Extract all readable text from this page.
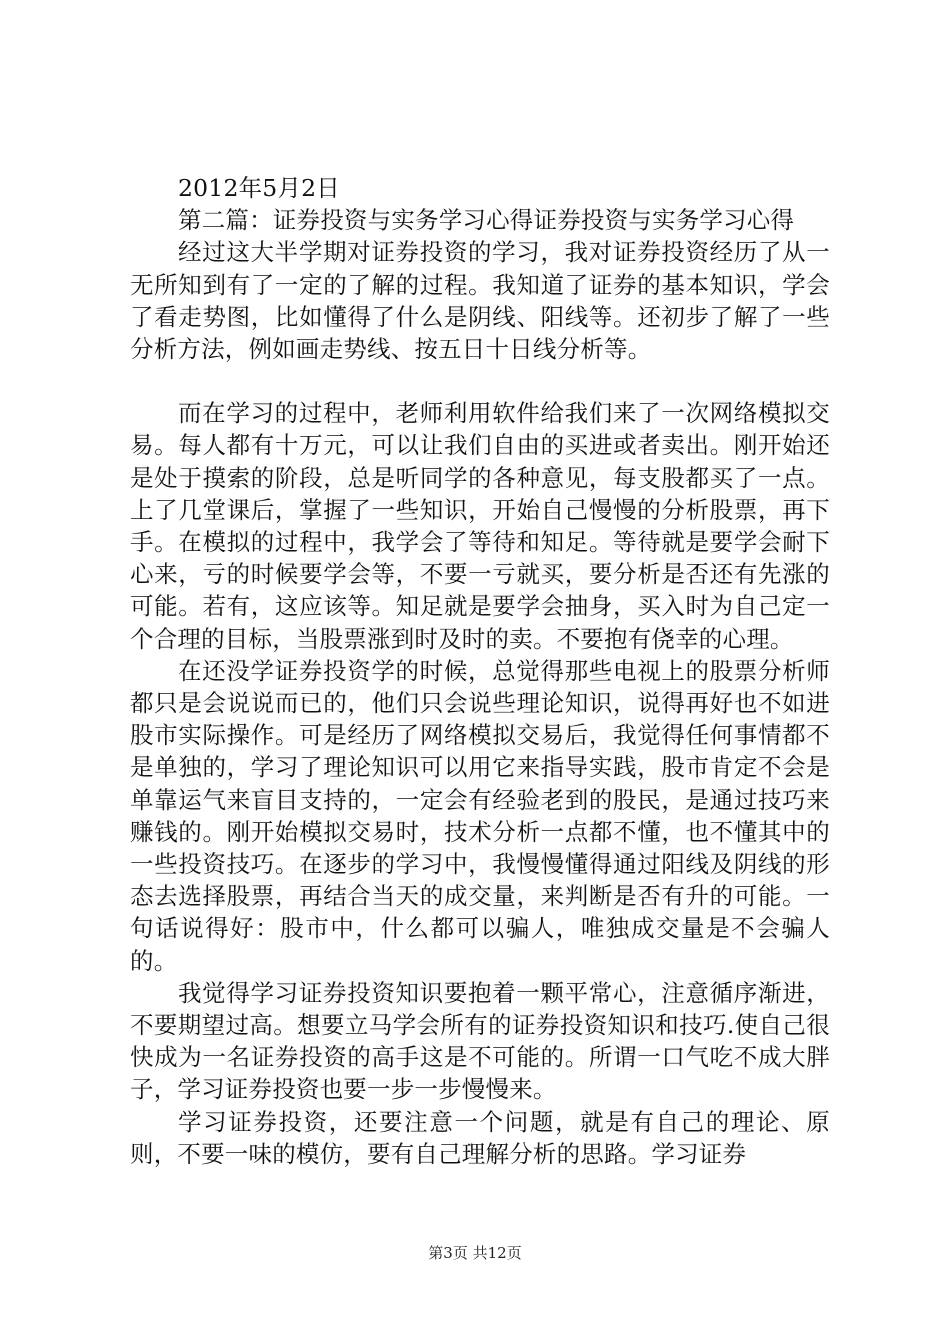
2012年5月2日

第二篇：证券投资与实务学习心得证券投资与实务学习心得

经过这大半学期对证券投资的学习，我对证券投资经历了从一无所知到有了一定的了解的过程。我知道了证券的基本知识，学会了看走势图，比如懂得了什么是阴线、阳线等。还初步了解了一些分析方法，例如画走势线、按五日十日线分析等。

而在学习的过程中，老师利用软件给我们来了一次网络模拟交易。每人都有十万元，可以让我们自由的买进或者卖出。刚开始还是处于摸索的阶段，总是听同学的各种意见，每支股都买了一点。上了几堂课后，掌握了一些知识，开始自己慢慢的分析股票，再下手。在模拟的过程中，我学会了等待和知足。等待就是要学会耐下心来，亏的时候要学会等，不要一亏就买，要分析是否还有先涨的可能。若有，这应该等。知足就是要学会抽身，买入时为自己定一个合理的目标，当股票涨到时及时的卖。不要抱有侥幸的心理。

在还没学证券投资学的时候，总觉得那些电视上的股票分析师都只是会说说而已的，他们只会说些理论知识，说得再好也不如进股市实际操作。可是经历了网络模拟交易后，我觉得任何事情都不是单独的，学习了理论知识可以用它来指导实践，股市肯定不会是单靠运气来盲目支持的，一定会有经验老到的股民，是通过技巧来赚钱的。刚开始模拟交易时，技术分析一点都不懂，也不懂其中的一些投资技巧。在逐步的学习中，我慢慢懂得通过阳线及阴线的形态去选择股票，再结合当天的成交量，来判断是否有升的可能。一句话说得好：股市中，什么都可以骗人，唯独成交量是不会骗人的。

我觉得学习证券投资知识要抱着一颗平常心，注意循序渐进，不要期望过高。想要立马学会所有的证券投资知识和技巧.使自己很快成为一名证券投资的高手这是不可能的。所谓一口气吃不成大胖子，学习证券投资也要一步一步慢慢来。

学习证券投资，还要注意一个问题，就是有自己的理论、原则，不要一味的模仿，要有自己理解分析的思路。学习证券

第3页 共12页
